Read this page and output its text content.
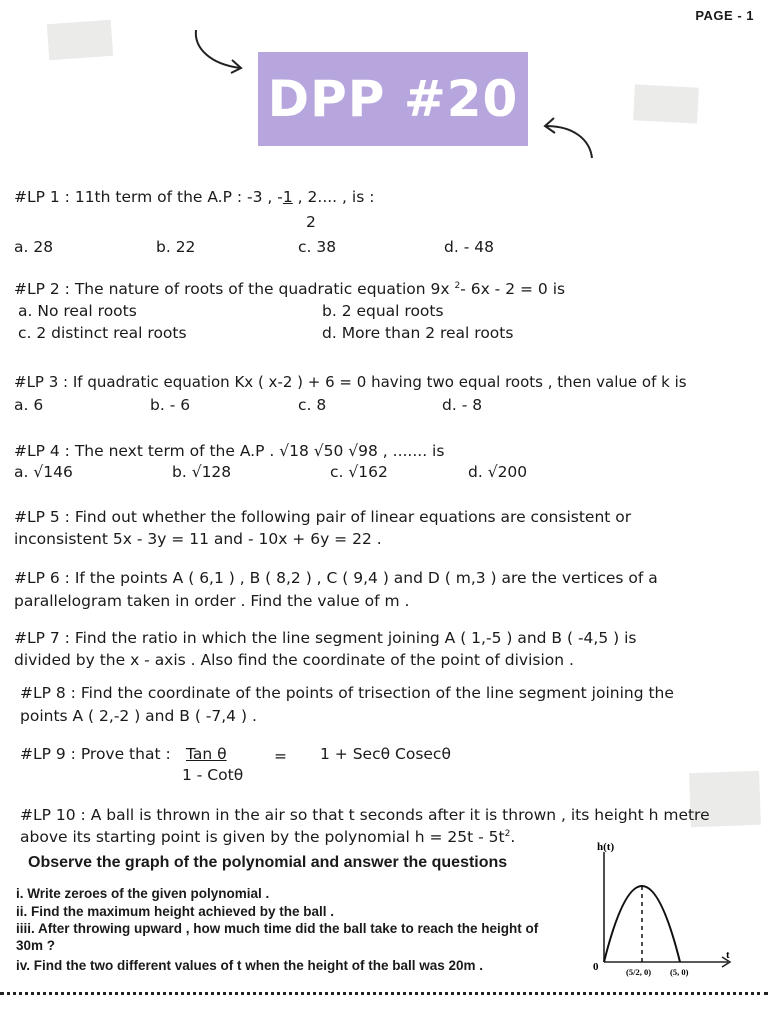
PAGE - 1
DPP #20
#LP 1 : 11th term of the A.P : -3 , -1 , 2.... , is :
2
a. 28	b. 22	c. 38	d. - 48
#LP 2 : The nature of roots of the quadratic equation 9x $^2$- 6x - 2 = 0 is
a. No real roots	b. 2 equal roots
c. 2 distinct real roots	d. More than 2 real roots
#LP 3 : If quadratic equation Kx ( x-2 ) + 6 = 0 having two equal roots , then value of k is
a. 6	b. - 6	c. 8	d. - 8
#LP 4 : The next term of the A.P . √18 √50 √98 , ....... is
a. √146	b. √128	c. √162	d. √200
#LP 5 : Find out whether the following pair of linear equations are consistent or
inconsistent 5x - 3y = 11 and - 10x + 6y = 22 .
#LP 6 : If the points A ( 6,1 ) , B ( 8,2 ) , C ( 9,4 ) and D ( m,3 ) are the vertices of a
parallelogram taken in order . Find the value of m .
#LP 7 : Find the ratio in which the line segment joining A ( 1,-5 ) and B ( -4,5 ) is
divided by the x - axis . Also find the coordinate of the point of division .
#LP 8 : Find the coordinate of the points of trisection of the line segment joining the
points A ( 2,-2 ) and B ( -7,4 ) .
#LP 9 : Prove that : Tan θ
1 - Cotθ
= 1 + Secθ Cosecθ
#LP 10 : A ball is thrown in the air so that t seconds after it is thrown , its height h metre
above its starting point is given by the polynomial $h = 25t - 5t^2$.
Observe the graph of the polynomial and answer the questions
i. Write zeroes of the given polynomial .
ii. Find the maximum height achieved by the ball .
iiii. After throwing upward , how much time did the ball take to reach the height of
30m ?
iv. Find the two different values of t when the height of the ball was 20m .
h(t)
t
0	(5/2, 0) (5, 0)
